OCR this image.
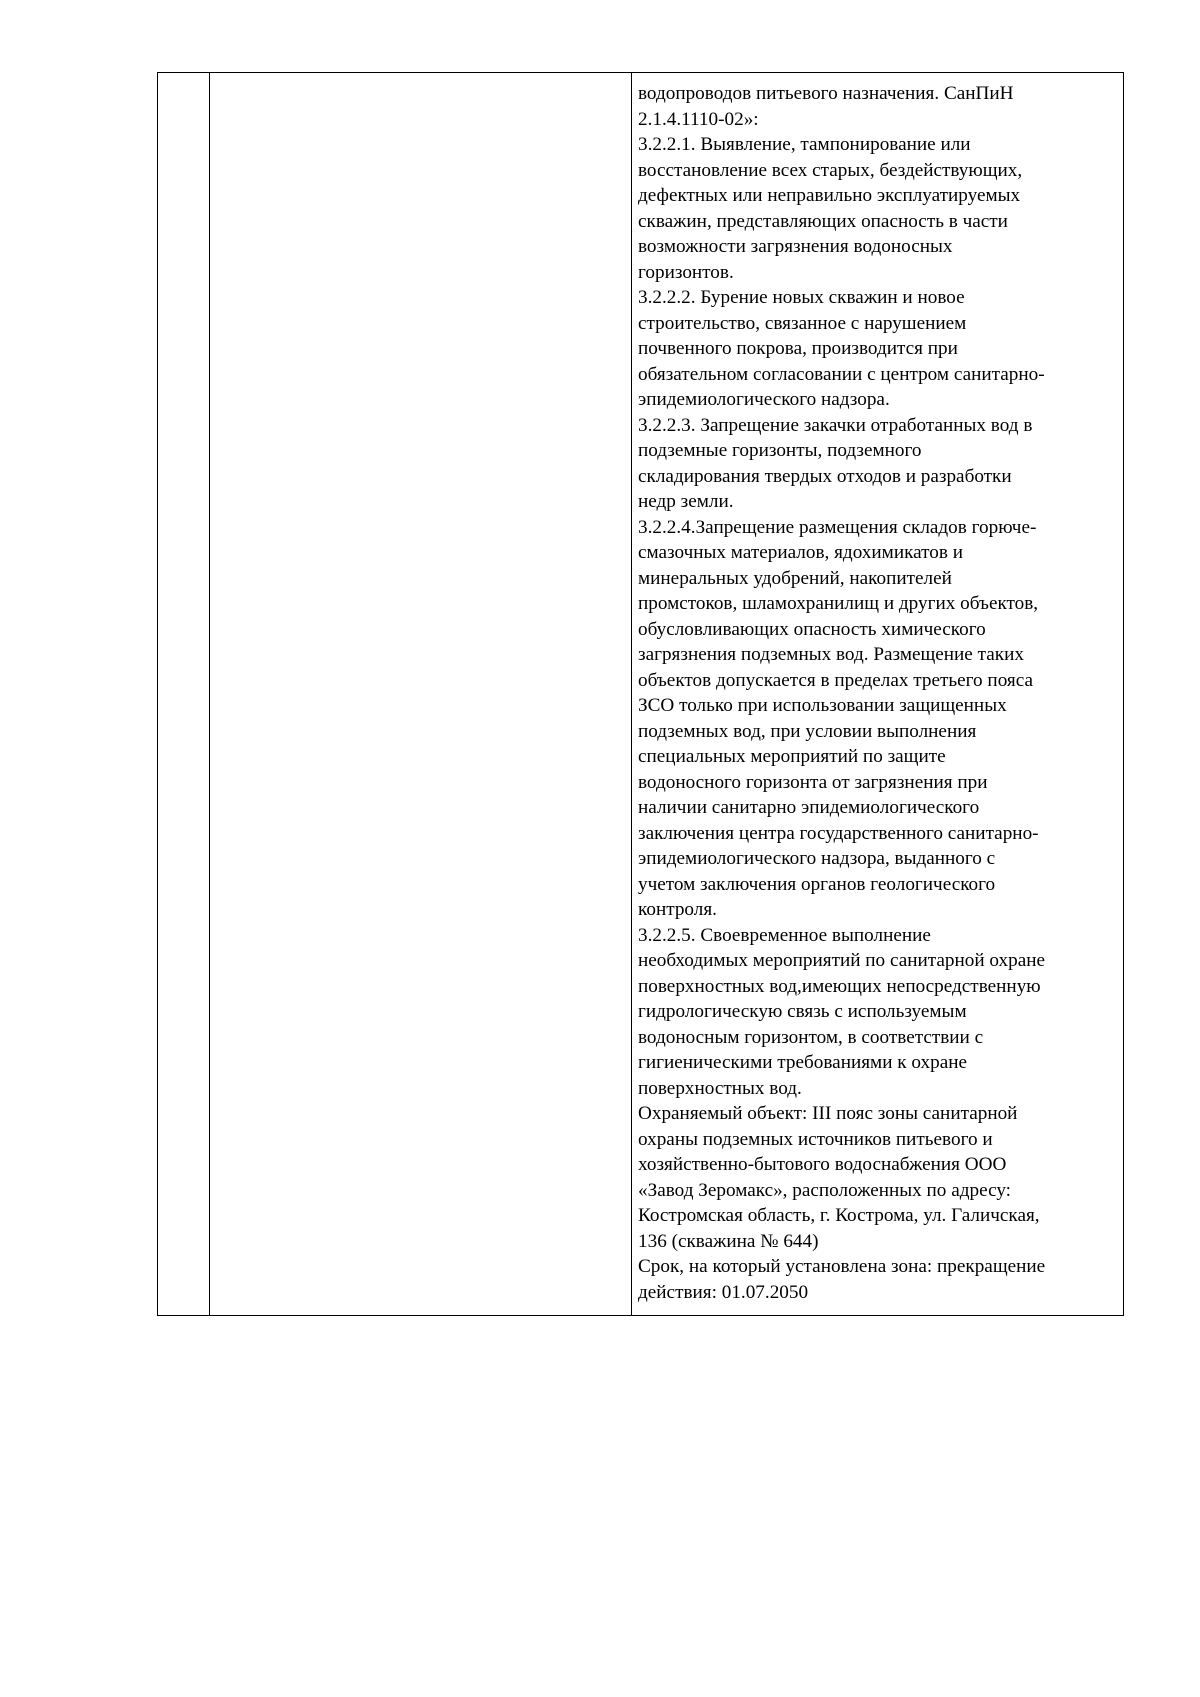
водопроводов питьевого назначения. СанПиН
2.1.4.1110-02»:
3.2.2.1. Выявление, тампонирование или
восстановление всех старых, бездействующих,
дефектных или неправильно эксплуатируемых
скважин, представляющих опасность в части
возможности загрязнения водоносных
горизонтов.
3.2.2.2. Бурение новых скважин и новое
строительство, связанное с нарушением
почвенного покрова, производится при
обязательном согласовании с центром санитарно-
эпидемиологического надзора.
3.2.2.3. Запрещение закачки отработанных вод в
подземные горизонты, подземного
складирования твердых отходов и разработки
недр земли.
3.2.2.4.Запрещение размещения складов горюче-
смазочных материалов, ядохимикатов и
минеральных удобрений, накопителей
промстоков, шламохранилищ и других объектов,
обусловливающих опасность химического
загрязнения подземных вод. Размещение таких
объектов допускается в пределах третьего пояса
ЗСО только при использовании защищенных
подземных вод, при условии выполнения
специальных мероприятий по защите
водоносного горизонта от загрязнения при
наличии санитарно эпидемиологического
заключения центра государственного санитарно-
эпидемиологического надзора, выданного с
учетом заключения органов геологического
контроля.
3.2.2.5. Своевременное выполнение
необходимых мероприятий по санитарной охране
поверхностных вод,имеющих непосредственную
гидрологическую связь с используемым
водоносным горизонтом, в соответствии с
гигиеническими требованиями к охране
поверхностных вод.
Охраняемый объект: III пояс зоны санитарной
охраны подземных источников питьевого и
хозяйственно-бытового водоснабжения ООО
«Завод Зеромакс», расположенных по адресу:
Костромская область, г. Кострома, ул. Галичская,
136 (скважина № 644)
Срок, на который установлена зона: прекращение
действия: 01.07.2050
